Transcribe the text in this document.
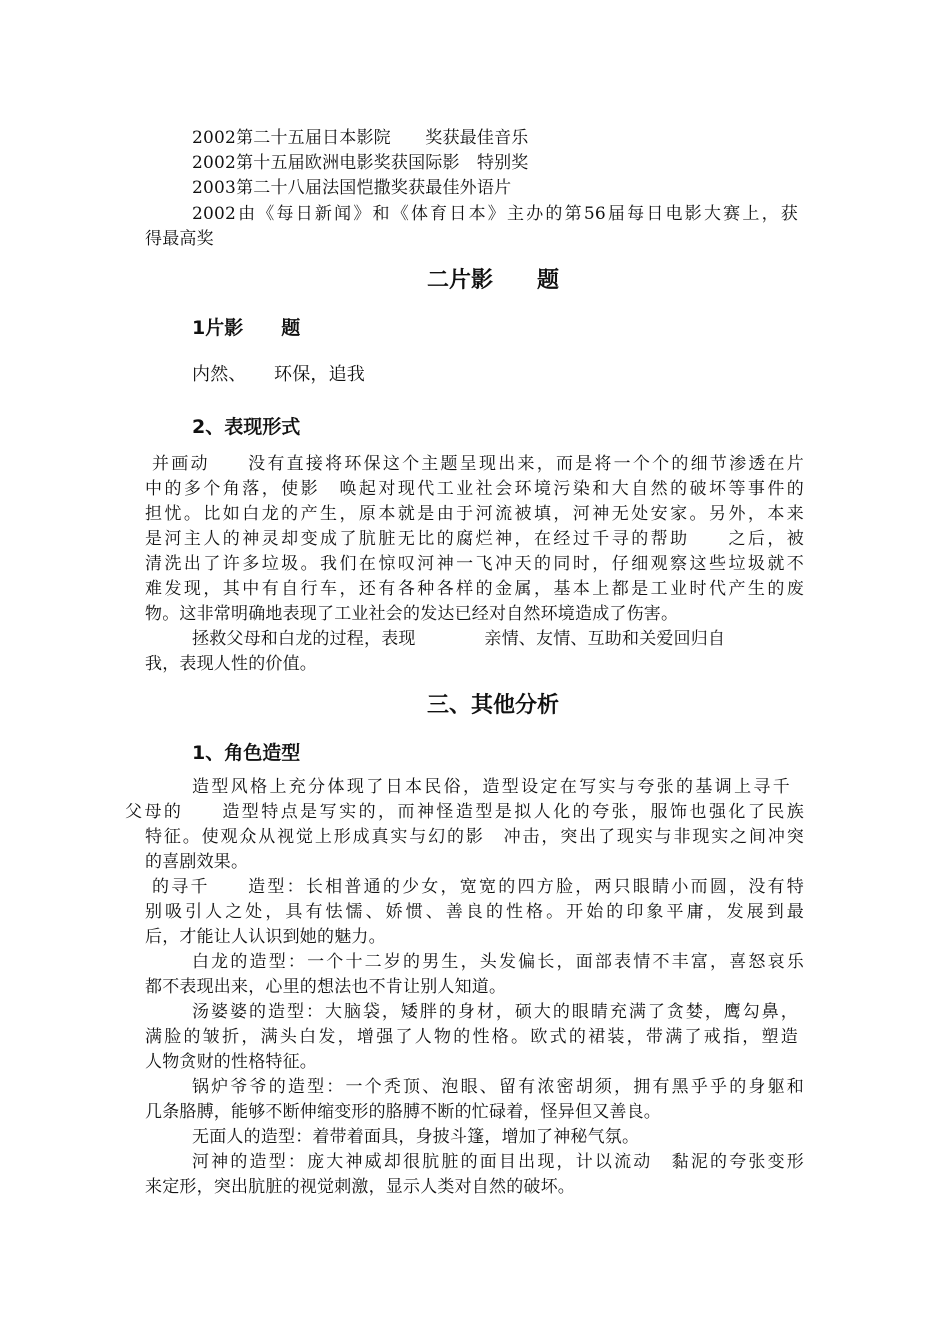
2002第二十五届日本影院　　奖获最佳音乐
2002第十五届欧洲电影奖获国际影　特别奖
2003第二十八届法国恺撒奖获最佳外语片
2002由《每日新闻》和《体育日本》主办的第56届每日电影大赛上，获
得最高奖
二片影　　题
1片影　　题
内然、　　环保，追我
2、表现形式
并画动　　没有直接将环保这个主题呈现出来，而是将一个个的细节渗透在片
中的多个角落，使影　唤起对现代工业社会环境污染和大自然的破坏等事件的
担忧。比如白龙的产生，原本就是由于河流被填，河神无处安家。另外，本来
是河主人的神灵却变成了肮脏无比的腐烂神，在经过千寻的帮助　　之后，被
清洗出了许多垃圾。我们在惊叹河神一飞冲天的同时，仔细观察这些垃圾就不
难发现，其中有自行车，还有各种各样的金属，基本上都是工业时代产生的废
物。这非常明确地表现了工业社会的发达已经对自然环境造成了伤害。
拯救父母和白龙的过程，表现　　　　亲情、友情、互助和关爱回归自
我，表现人性的价值。
三、其他分析
1、角色造型
造型风格上充分体现了日本民俗，造型设定在写实与夸张的基调上寻千
父母的　　造型特点是写实的，而神怪造型是拟人化的夸张，服饰也强化了民族
特征。使观众从视觉上形成真实与幻的影　冲击，突出了现实与非现实之间冲突
的喜剧效果。
的寻千　　造型：长相普通的少女，宽宽的四方脸，两只眼睛小而圆，没有特
别吸引人之处，具有怯懦、娇惯、善良的性格。开始的印象平庸，发展到最
后，才能让人认识到她的魅力。
白龙的造型：一个十二岁的男生，头发偏长，面部表情不丰富，喜怒哀乐
都不表现出来，心里的想法也不肯让别人知道。
汤婆婆的造型：大脑袋，矮胖的身材，硕大的眼睛充满了贪婪，鹰勾鼻，
满脸的皱折，满头白发，增强了人物的性格。欧式的裙装，带满了戒指，塑造
人物贪财的性格特征。
锅炉爷爷的造型：一个秃顶、泡眼、留有浓密胡须，拥有黑乎乎的身躯和
几条胳膊，能够不断伸缩变形的胳膊不断的忙碌着，怪异但又善良。
无面人的造型：着带着面具，身披斗篷，增加了神秘气氛。
河神的造型：庞大神威却很肮脏的面目出现，计以流动　黏泥的夸张变形
来定形，突出肮脏的视觉刺激，显示人类对自然的破坏。
